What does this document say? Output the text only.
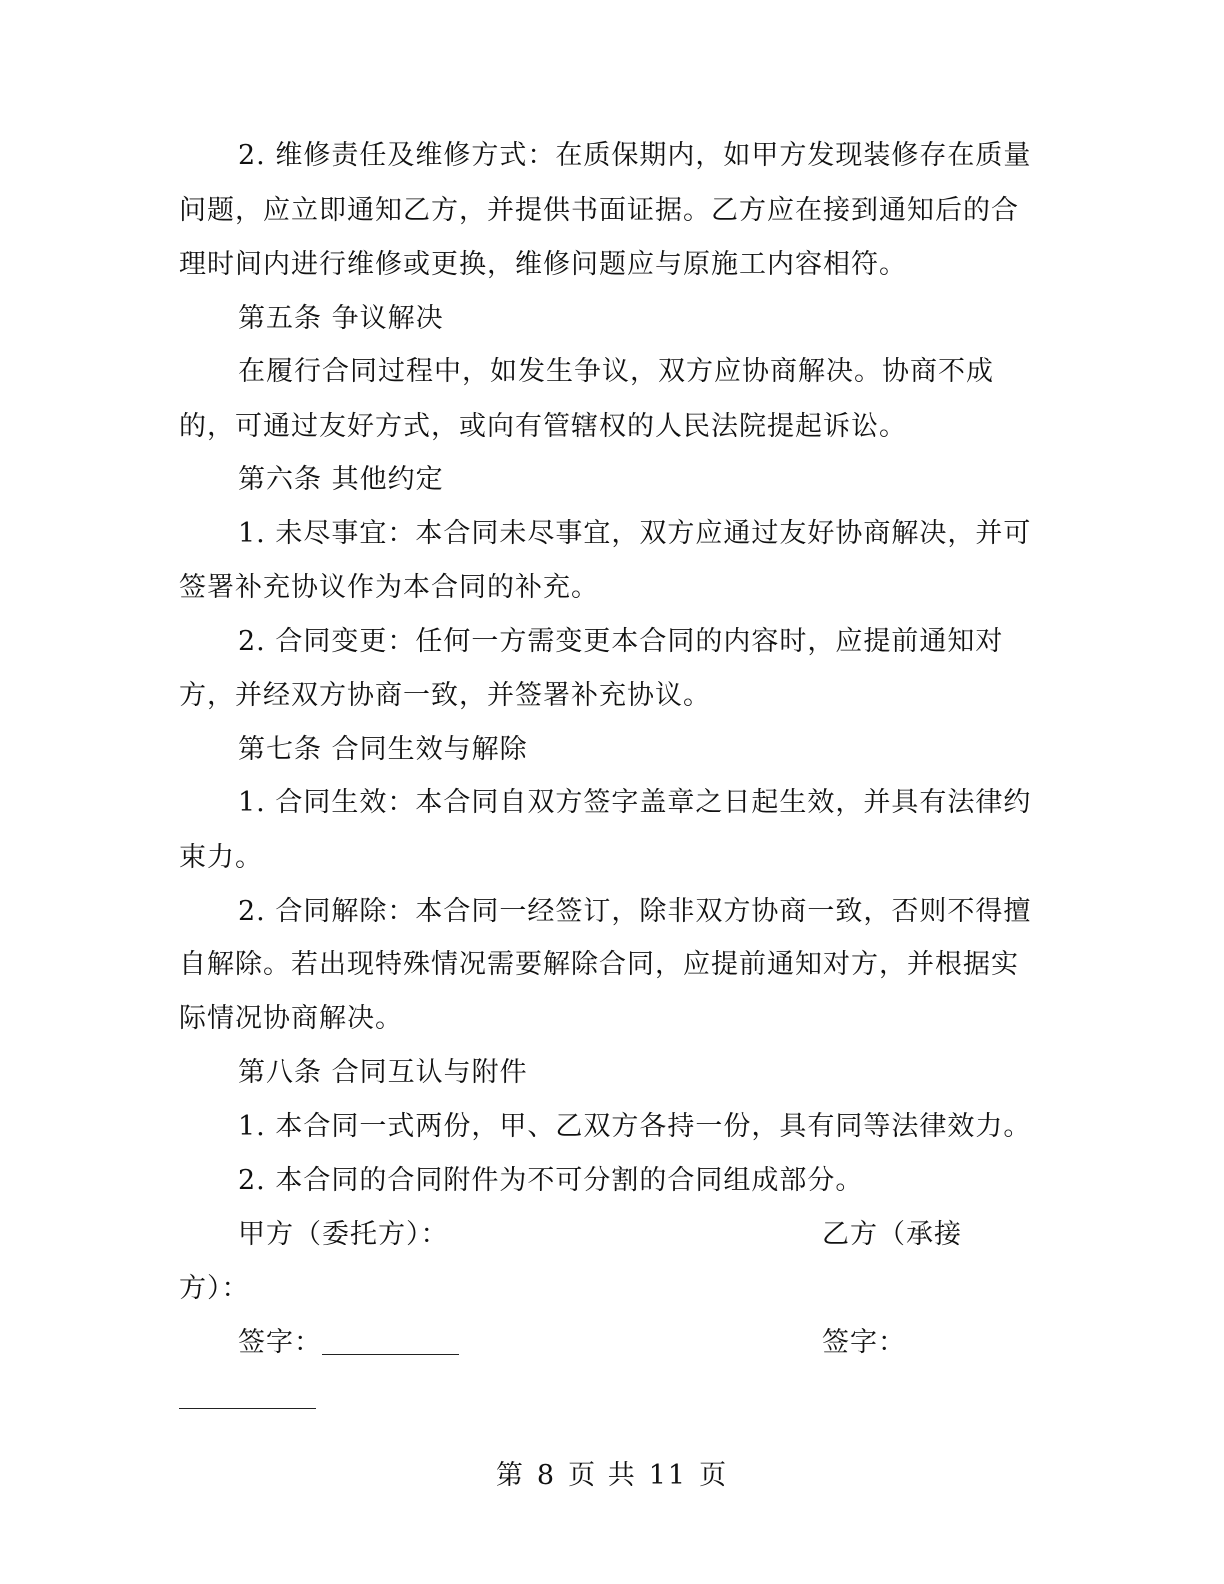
2. 维修责任及维修方式：在质保期内，如甲方发现装修存在质量
问题，应立即通知乙方，并提供书面证据。乙方应在接到通知后的合
理时间内进行维修或更换，维修问题应与原施工内容相符。
第五条 争议解决
在履行合同过程中，如发生争议，双方应协商解决。协商不成
的，可通过友好方式，或向有管辖权的人民法院提起诉讼。
第六条 其他约定
1. 未尽事宜：本合同未尽事宜，双方应通过友好协商解决，并可
签署补充协议作为本合同的补充。
2. 合同变更：任何一方需变更本合同的内容时，应提前通知对
方，并经双方协商一致，并签署补充协议。
第七条 合同生效与解除
1. 合同生效：本合同自双方签字盖章之日起生效，并具有法律约
束力。
2. 合同解除：本合同一经签订，除非双方协商一致，否则不得擅
自解除。若出现特殊情况需要解除合同，应提前通知对方，并根据实
际情况协商解决。
第八条 合同互认与附件
1. 本合同一式两份，甲、乙双方各持一份，具有同等法律效力。
2. 本合同的合同附件为不可分割的合同组成部分。
甲方（委托方）：	乙方（承接
方）：
签字：	签字：
第 8 页 共 11 页
